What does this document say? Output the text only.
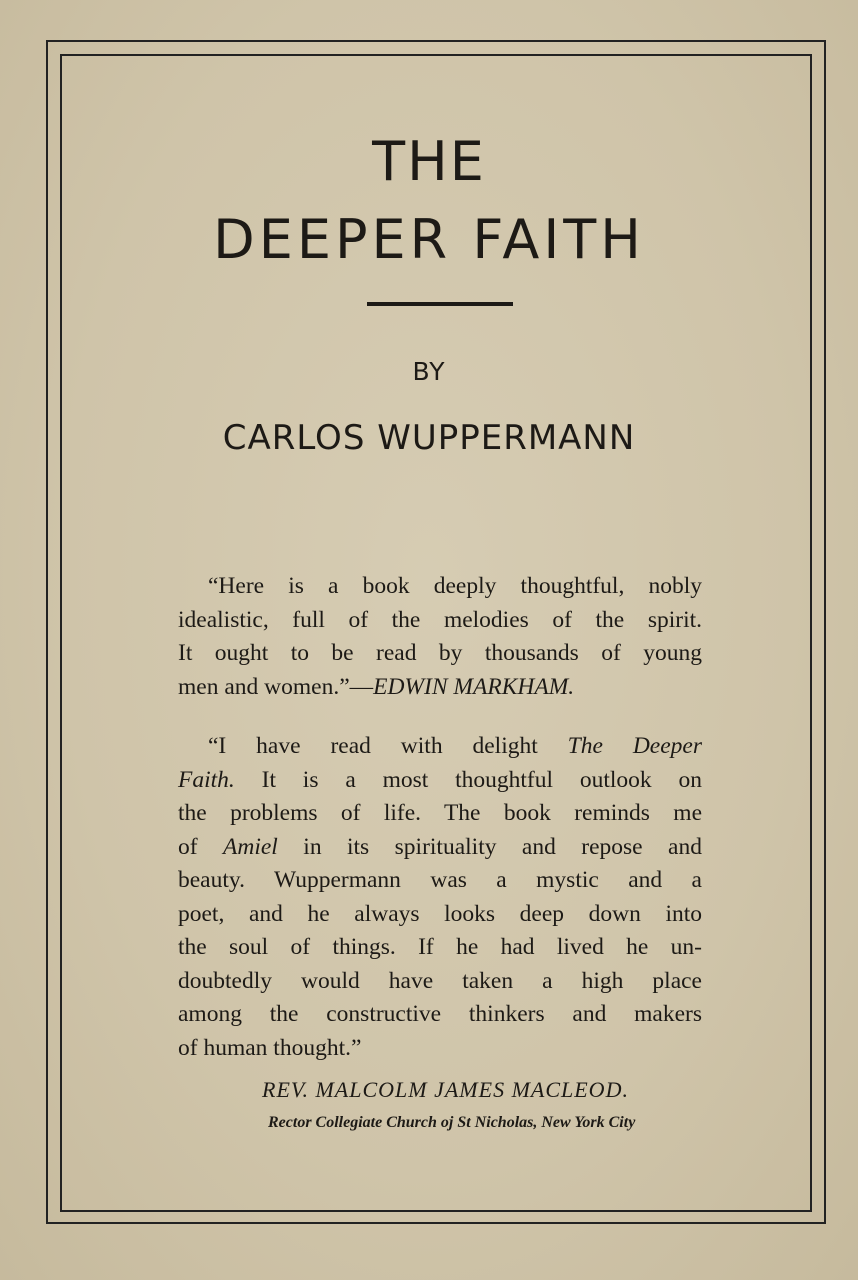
THE
DEEPER FAITH
BY
CARLOS WUPPERMANN
“Here is a book deeply thoughtful, nobly
idealistic, full of the melodies of the spirit.
It ought to be read by thousands of young
men and women.”—EDWIN MARKHAM.
“I have read with delight The Deeper
Faith. It is a most thoughtful outlook on
the problems of life. The book reminds me
of Amiel in its spirituality and repose and
beauty. Wuppermann was a mystic and a
poet, and he always looks deep down into
the soul of things. If he had lived he un-
doubtedly would have taken a high place
among the constructive thinkers and makers
of human thought.”
REV. MALCOLM JAMES MACLEOD.
Rector Collegiate Church oj St Nicholas, New York City
